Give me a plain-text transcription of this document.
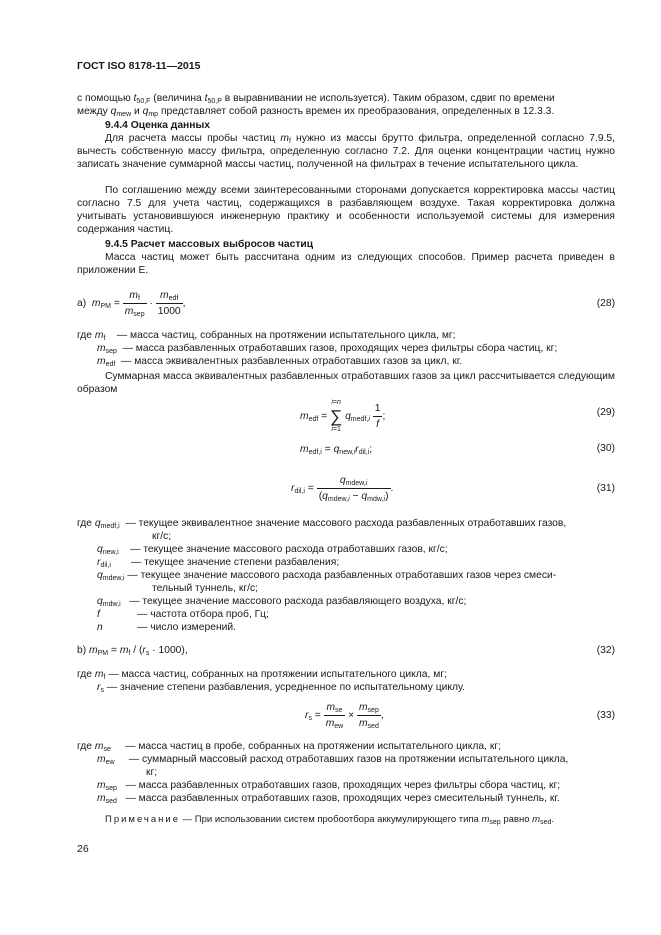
ГОСТ ISO 8178-11—2015
с помощью $t_{50,F}$ (величина $t_{50,P}$ в выравнивании не используется). Таким образом, сдвиг по времени
между $q_{mew}$ и $q_{mp}$ представляет собой разность времен их преобразования, определенных в 12.3.3.
9.4.4 Оценка данных
Для расчета массы пробы частиц $m_f$ нужно из массы брутто фильтра, определенной согласно 7.9.5, вычесть собственную массу фильтра, определенную согласно 7.2. Для оценки концентрации частиц нужно записать значение суммарной массы частиц, полученной на фильтрах в течение испытательного цикла.
По соглашению между всеми заинтересованными сторонами допускается корректировка массы частиц согласно 7.5 для учета частиц, содержащихся в разбавляющем воздухе. Такая корректировка должна учитывать установившуюся инженерную практику и особенности используемой системы для измерения содержания частиц.
9.4.5 Расчет массовых выбросов частиц
Масса частиц может быть рассчитана одним из следующих способов. Пример расчета приведен в приложении Е.
а) $m_{PM} = \frac{m_f}{m_{sep}} \cdot \frac{m_{edf}}{1000}$ ,	(28)
где $m_f$ — масса частиц, собранных на протяжении испытательного цикла, мг;
$m_{sep}$ — масса разбавленных отработавших газов, проходящих через фильтры сбора частиц, кг;
$m_{edf}$ — масса эквивалентных разбавленных отработавших газов за цикл, кг.
Суммарная масса эквивалентных разбавленных отработавших газов за цикл рассчитывается следующим образом
$m_{edf}$ =
i=n
∑
i=1
$q_{medf,i} \frac{1}{f}$ ;	(29)
$m_{edf,i} = q_{new,i}r_{dil,i}$;	(30)
$r_{dil,i} = \frac{q_{mdew,i}}{(q_{mdew,i} - q_{mdw,i})}$ .	(31)
где $q_{medf,i}$ — текущее эквивалентное значение массового расхода разбавленных отработавших газов,
кг/с;
$q_{new,i}$ — текущее значение массового расхода отработавших газов, кг/с;
$r_{dil,i}$ — текущее значение степени разбавления;
$q_{mdew,i}$ — текущее значение массового расхода разбавленных отработавших газов через смеси-
тельный туннель, кг/с;
$q_{mdw,i}$ — текущее значение массового расхода разбавляющего воздуха, кг/с;
f	— частота отбора проб, Гц;
n	— число измерений.
b) $m_{PM} = m_f / (r_s \cdot 1000)$,	(32)
где $m_f$ — масса частиц, собранных на протяжении испытательного цикла, мг;
$r_s$ — значение степени разбавления, усредненное по испытательному циклу.
$r_s = \frac{m_{se}}{m_{ew}} \times \frac{m_{sep}}{m_{sed}}$ ,	(33)
где $m_{se}$ — масса частиц в пробе, собранных на протяжении испытательного цикла, кг;
$m_{ew}$ — суммарный массовый расход отработавших газов на протяжении испытательного цикла,
кг;
$m_{sep}$ — масса разбавленных отработавших газов, проходящих через фильтры сбора частиц, кг;
$m_{sed}$ — масса разбавленных отработавших газов, проходящих через смесительный туннель, кг.
Примечание — При использовании систем пробоотбора аккумулирующего типа $m_{sep}$ равно $m_{sed}$.
26
